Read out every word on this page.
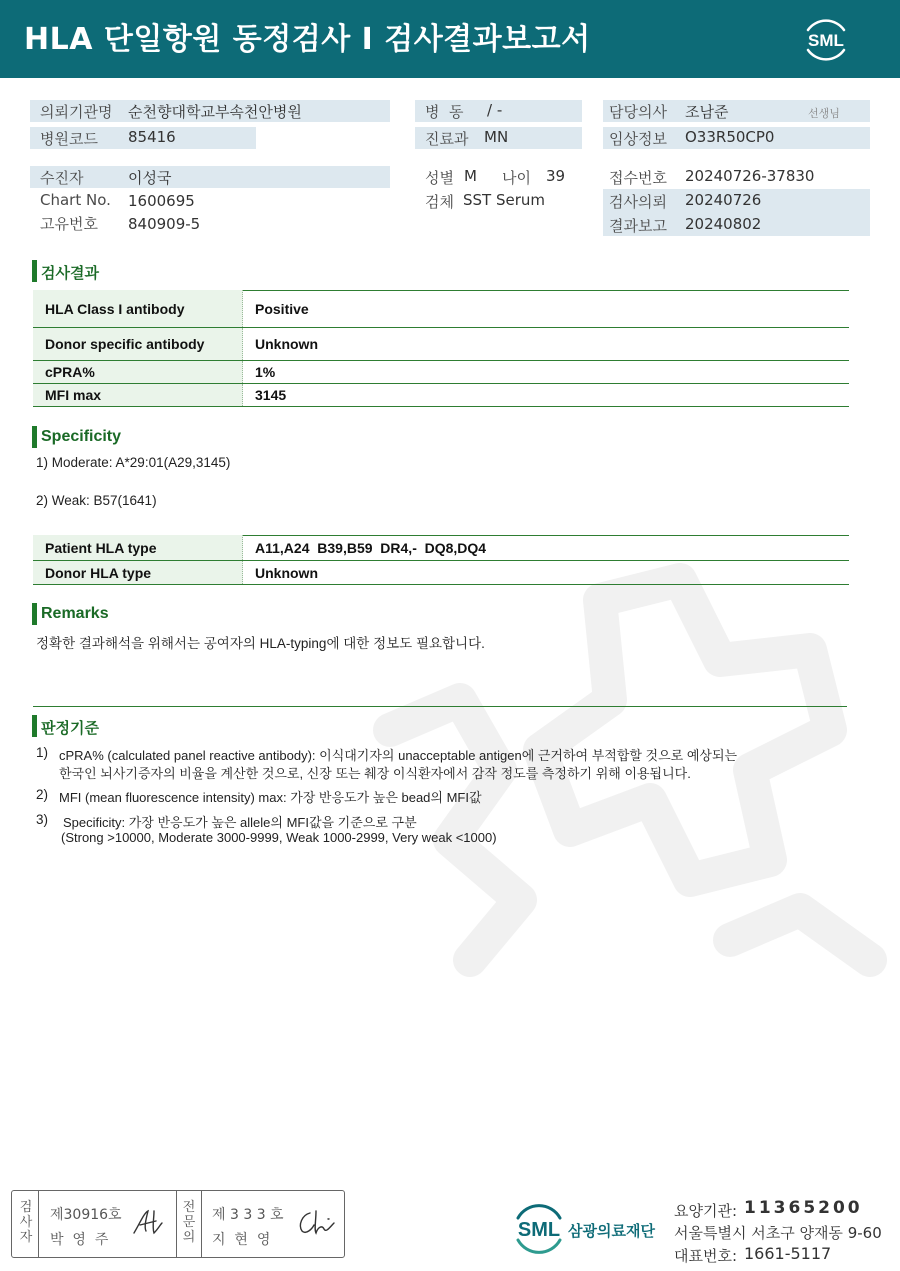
HLA 단일항원 동정검사 I 검사결과보고서	SML
의뢰기관명 순천향대학교부속천안병원
병원코드 85416
수진자	이성국
Chart No. 1600695
고유번호 840909-5
병  동 / -
진료과 MN
성별 M 나이 39
검체 SST Serum
담당의사 조남준	선생님
임상정보 O33R50CP0
접수번호 20240726-37830
검사의뢰 20240726
결과보고 20240802
검사결과
HLA Class I antibody	Positive
Donor specific antibody	Unknown
cPRA%	1%
MFI max	3145
Specificity
1) Moderate: A*29:01(A29,3145)
2) Weak: B57(1641)
Patient HLA type	A11,A24  B39,B59  DR4,-  DQ8,DQ4
Donor HLA type	Unknown
Remarks
정확한 결과해석을 위해서는 공여자의 HLA-typing에 대한 정보도 필요합니다.
판정기준
1) cPRA% (calculated panel reactive antibody): 이식대기자의 unacceptable antigen에 근거하여 부적합할 것으로 예상되는
한국인 뇌사기증자의 비율을 계산한 것으로, 신장 또는 췌장 이식환자에서 감작 정도를 측정하기 위해 이용됩니다.
2) MFI (mean fluorescence intensity) max: 가장 반응도가 높은 bead의 MFI값
3) Specificity: 가장 반응도가 높은 allele의 MFI값을 기준으로 구분
(Strong >10000, Moderate 3000-9999, Weak 1000-2999, Very weak <1000)
검사자
제30916호
박  영  주
전문의
제 3 3 3 호
지  현  영	SML 삼광의료재단
요양기관: 11365200
서울특별시 서초구 양재동 9-60
대표번호: 1661-5117
